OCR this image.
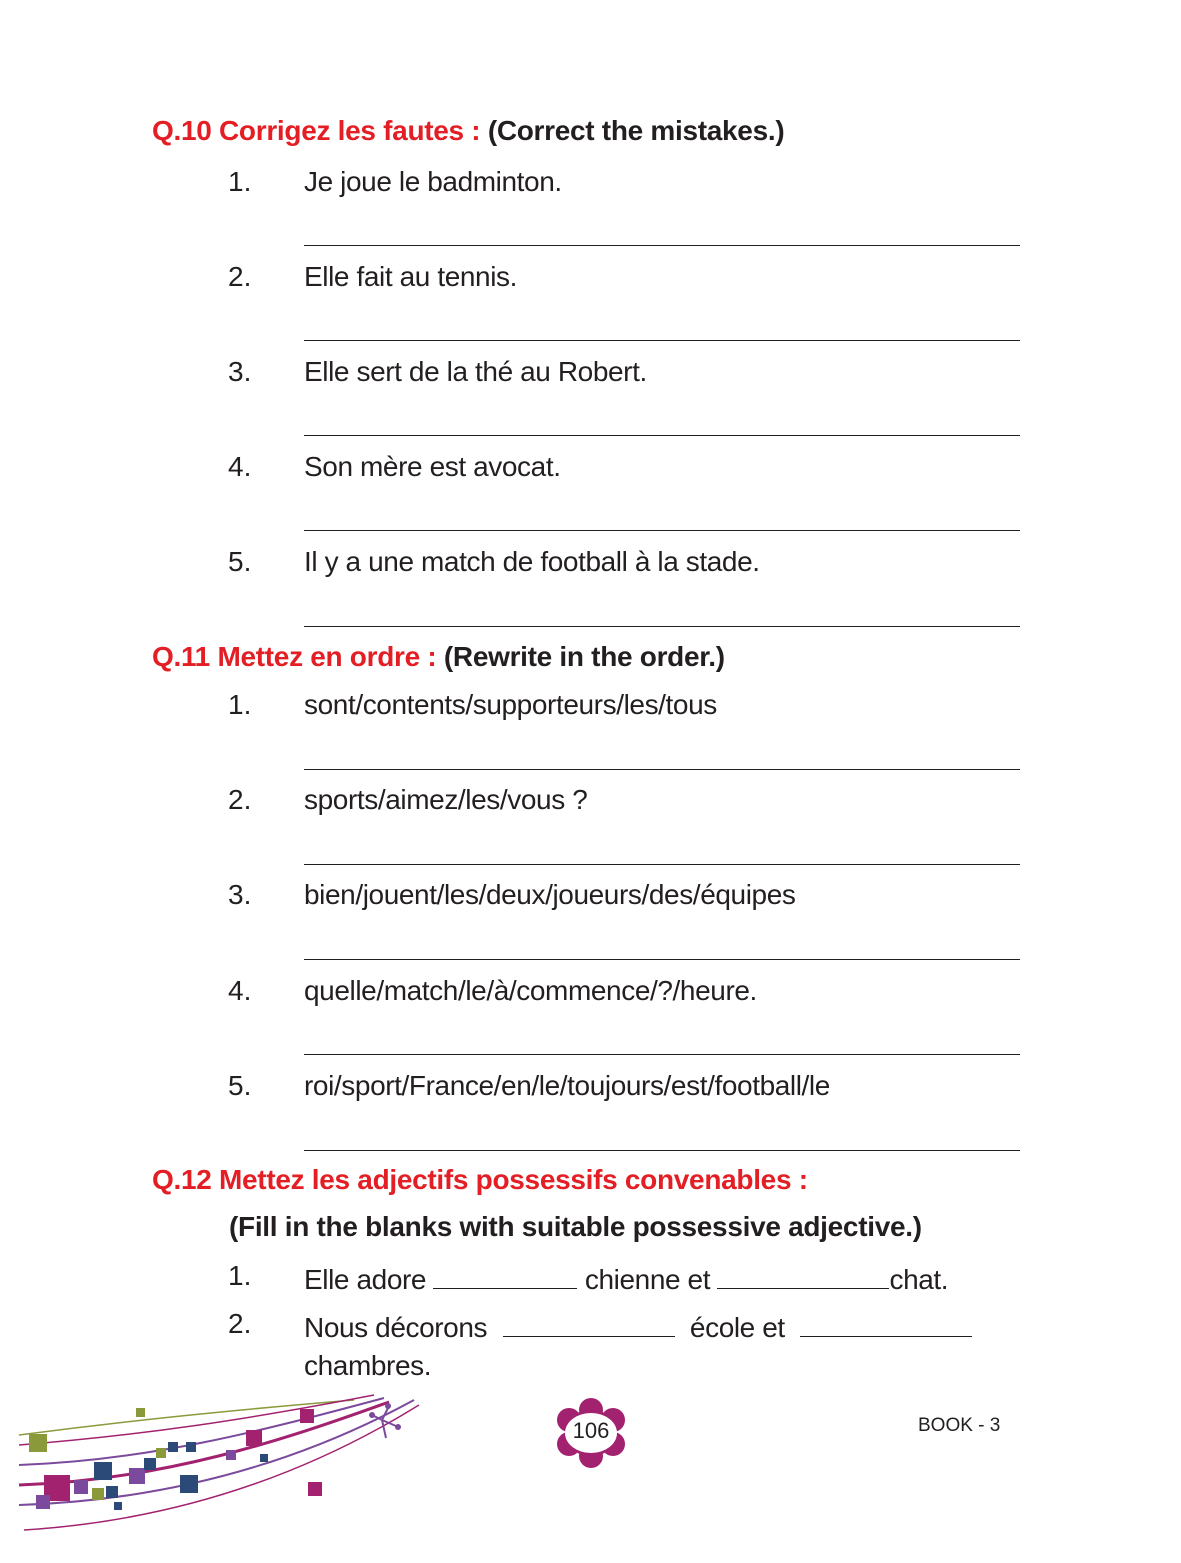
Q.10 Corrigez les fautes : (Correct the mistakes.)
1. Je joue le badminton.
2. Elle fait au tennis.
3. Elle sert de la thé au Robert.
4. Son mère est avocat.
5. Il y a une match de football à la stade.
Q.11 Mettez en ordre : (Rewrite in the order.)
1. sont/contents/supporteurs/les/tous
2. sports/aimez/les/vous ?
3. bien/jouent/les/deux/joueurs/des/équipes
4. quelle/match/le/à/commence/?/heure.
5. roi/sport/France/en/le/toujours/est/football/le
Q.12 Mettez les adjectifs possessifs convenables :
(Fill in the blanks with suitable possessive adjective.)
1. Elle adore	chienne et	chat.
2. Nous décorons	école et
chambres.
106	BOOK - 3
